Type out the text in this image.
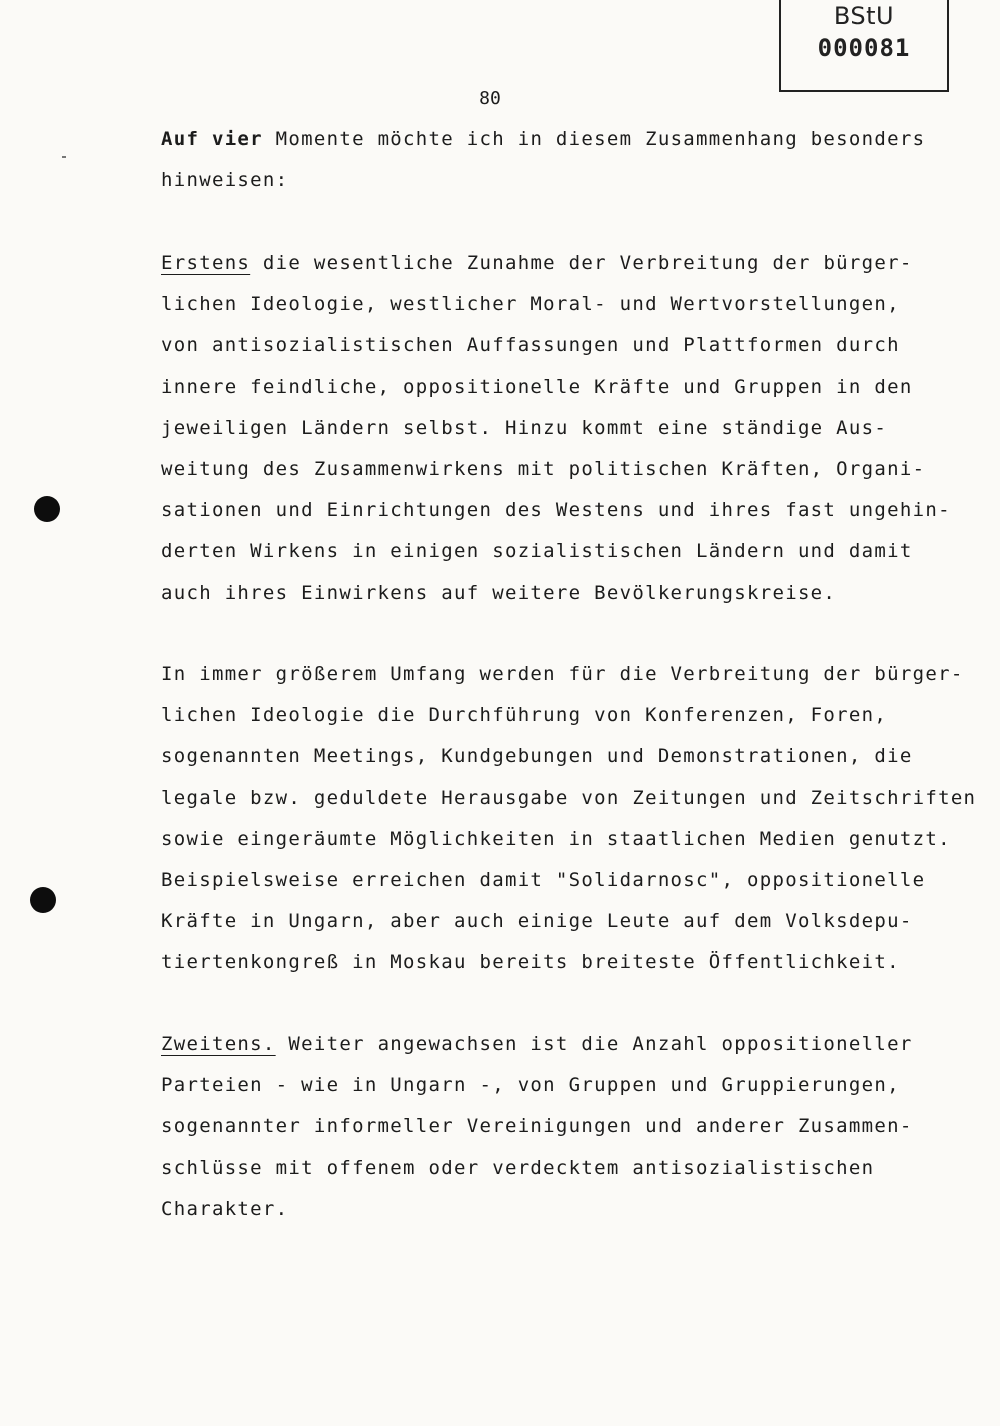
BStU
000081
80

Auf vier Momente möchte ich in diesem Zusammenhang besonders
hinweisen:

Erstens die wesentliche Zunahme der Verbreitung der bürger-
lichen Ideologie, westlicher Moral- und Wertvorstellungen,
von antisozialistischen Auffassungen und Plattformen durch
innere feindliche, oppositionelle Kräfte und Gruppen in den
jeweiligen Ländern selbst. Hinzu kommt eine ständige Aus-
weitung des Zusammenwirkens mit politischen Kräften, Organi-
sationen und Einrichtungen des Westens und ihres fast ungehin-
derten Wirkens in einigen sozialistischen Ländern und damit
auch ihres Einwirkens auf weitere Bevölkerungskreise.

In immer größerem Umfang werden für die Verbreitung der bürger-
lichen Ideologie die Durchführung von Konferenzen, Foren,
sogenannten Meetings, Kundgebungen und Demonstrationen, die
legale bzw. geduldete Herausgabe von Zeitungen und Zeitschriften
sowie eingeräumte Möglichkeiten in staatlichen Medien genutzt.
Beispielsweise erreichen damit "Solidarnosc", oppositionelle
Kräfte in Ungarn, aber auch einige Leute auf dem Volksdepu-
tiertenkongreß in Moskau bereits breiteste Öffentlichkeit.

Zweitens. Weiter angewachsen ist die Anzahl oppositioneller
Parteien - wie in Ungarn -, von Gruppen und Gruppierungen,
sogenannter informeller Vereinigungen und anderer Zusammen-
schlüsse mit offenem oder verdecktem antisozialistischen
Charakter.
